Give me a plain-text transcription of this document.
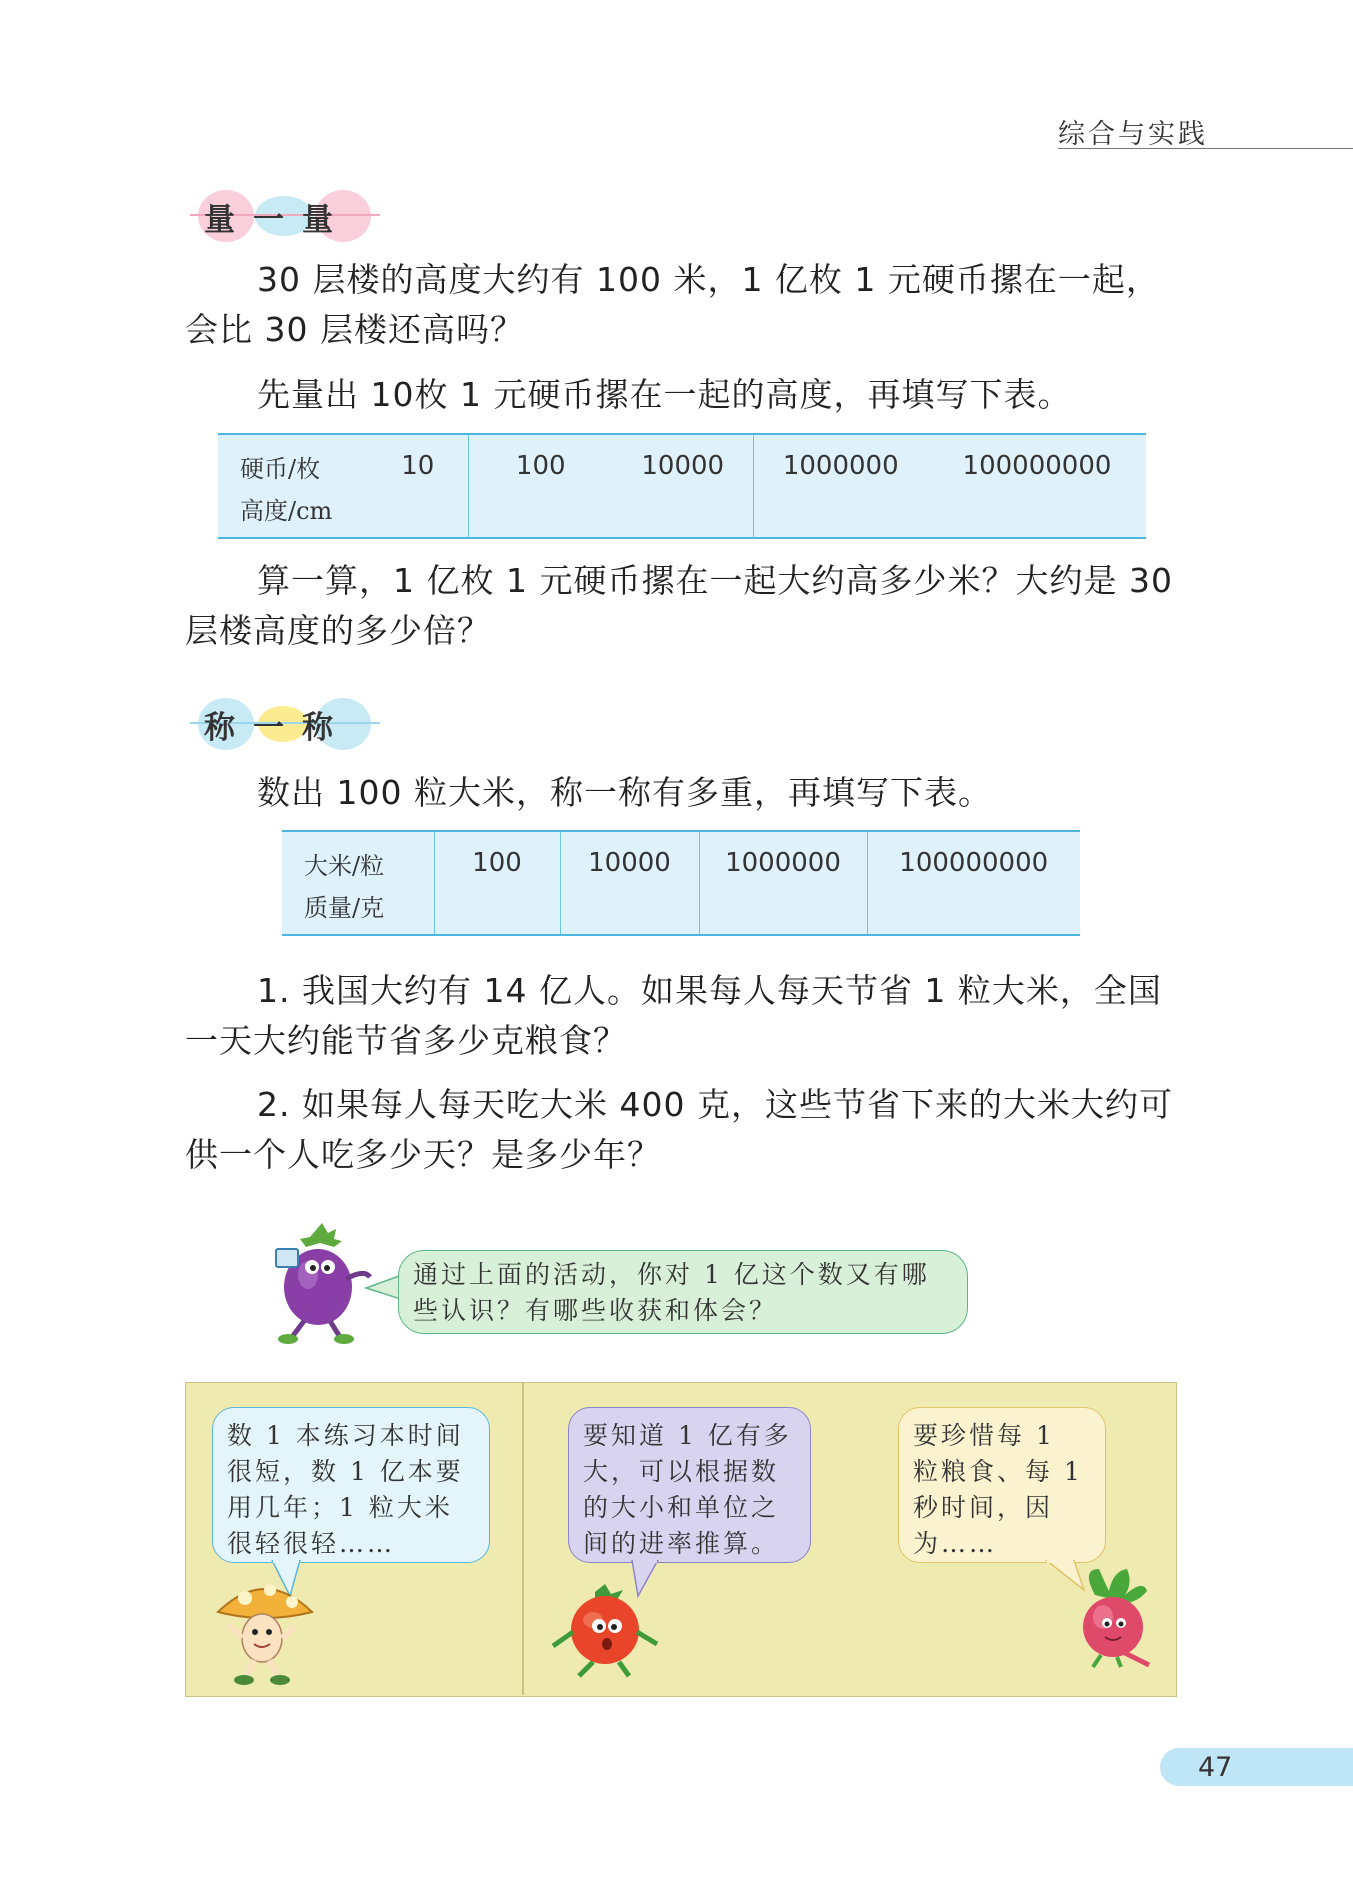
综合与实践
量一量
30 层楼的高度大约有 100 米，1 亿枚 1 元硬币摞在一起，会比 30 层楼还高吗？
先量出 10枚 1 元硬币摞在一起的高度，再填写下表。
硬币/枚	10	100	10000	1000000	100000000
高度/cm					
算一算，1 亿枚 1 元硬币摞在一起大约高多少米？大约是 30 层楼高度的多少倍？
称一称
数出 100 粒大米，称一称有多重，再填写下表。
大米/粒	100	10000	1000000	100000000
质量/克				
1. 我国大约有 14 亿人。如果每人每天节省 1 粒大米，全国一天大约能节省多少克粮食？
2. 如果每人每天吃大米 400 克，这些节省下来的大米大约可供一个人吃多少天？是多少年？
通过上面的活动，你对 1 亿这个数又有哪些认识？有哪些收获和体会？
数 1 本练习本时间很短，数 1 亿本要用几年；1 粒大米很轻很轻……
要知道 1 亿有多大，可以根据数的大小和单位之间的进率推算。
要珍惜每 1 粒粮食、每 1 秒时间，因为……
47
